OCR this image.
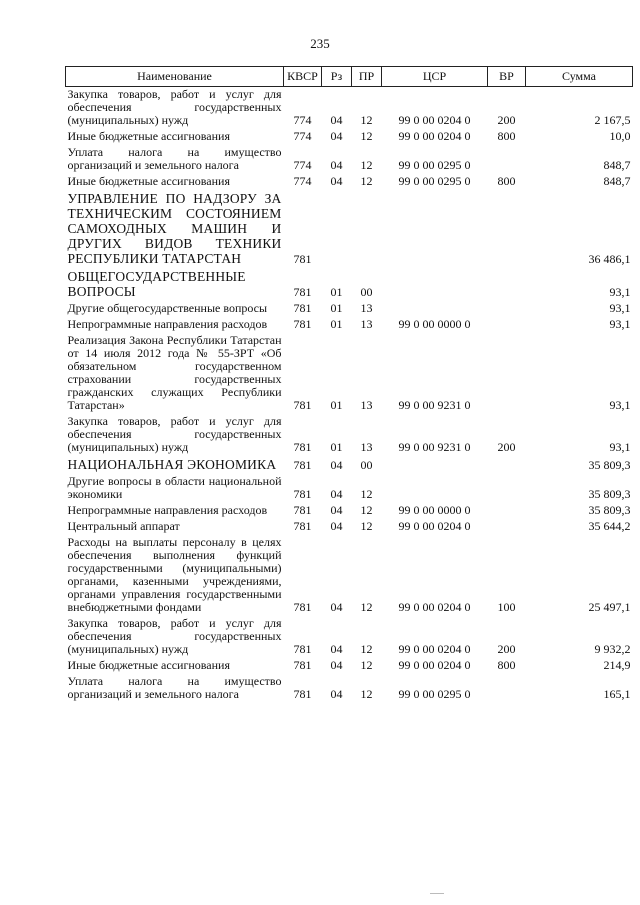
235
Наименование	КВСР	Рз	ПР	ЦСР	ВР	Сумма
Закупка товаров, работ и услуг для обеспечения государственных (муниципальных) нужд	774	04	12	99 0 00 0204 0	200	2 167,5
Иные бюджетные ассигнования	774	04	12	99 0 00 0204 0	800	10,0
Уплата налога на имущество организаций и земельного налога	774	04	12	99 0 00 0295 0		848,7
Иные бюджетные ассигнования	774	04	12	99 0 00 0295 0	800	848,7
УПРАВЛЕНИЕ ПО НАДЗОРУ ЗА ТЕХНИЧЕСКИМ СОСТОЯНИЕМ САМОХОДНЫХ МАШИН И ДРУГИХ ВИДОВ ТЕХНИКИ РЕСПУБЛИКИ ТАТАРСТАН	781					36 486,1
ОБЩЕГОСУДАРСТВЕННЫЕ ВОПРОСЫ	781	01	00			93,1
Другие общегосударственные вопросы	781	01	13			93,1
Непрограммные направления расходов	781	01	13	99 0 00 0000 0		93,1
Реализация Закона Республики Татарстан от 14 июля 2012 года № 55-ЗРТ «Об обязательном государственном страховании государственных гражданских служащих Республики Татарстан»	781	01	13	99 0 00 9231 0		93,1
Закупка товаров, работ и услуг для обеспечения государственных (муниципальных) нужд	781	01	13	99 0 00 9231 0	200	93,1
НАЦИОНАЛЬНАЯ ЭКОНОМИКА	781	04	00			35 809,3
Другие вопросы в области национальной экономики	781	04	12			35 809,3
Непрограммные направления расходов	781	04	12	99 0 00 0000 0		35 809,3
Центральный аппарат	781	04	12	99 0 00 0204 0		35 644,2
Расходы на выплаты персоналу в целях обеспечения выполнения функций государственными (муниципальными) органами, казенными учреждениями, органами управления государственными внебюджетными фондами	781	04	12	99 0 00 0204 0	100	25 497,1
Закупка товаров, работ и услуг для обеспечения государственных (муниципальных) нужд	781	04	12	99 0 00 0204 0	200	9 932,2
Иные бюджетные ассигнования	781	04	12	99 0 00 0204 0	800	214,9
Уплата налога на имущество организаций и земельного налога	781	04	12	99 0 00 0295 0		165,1
